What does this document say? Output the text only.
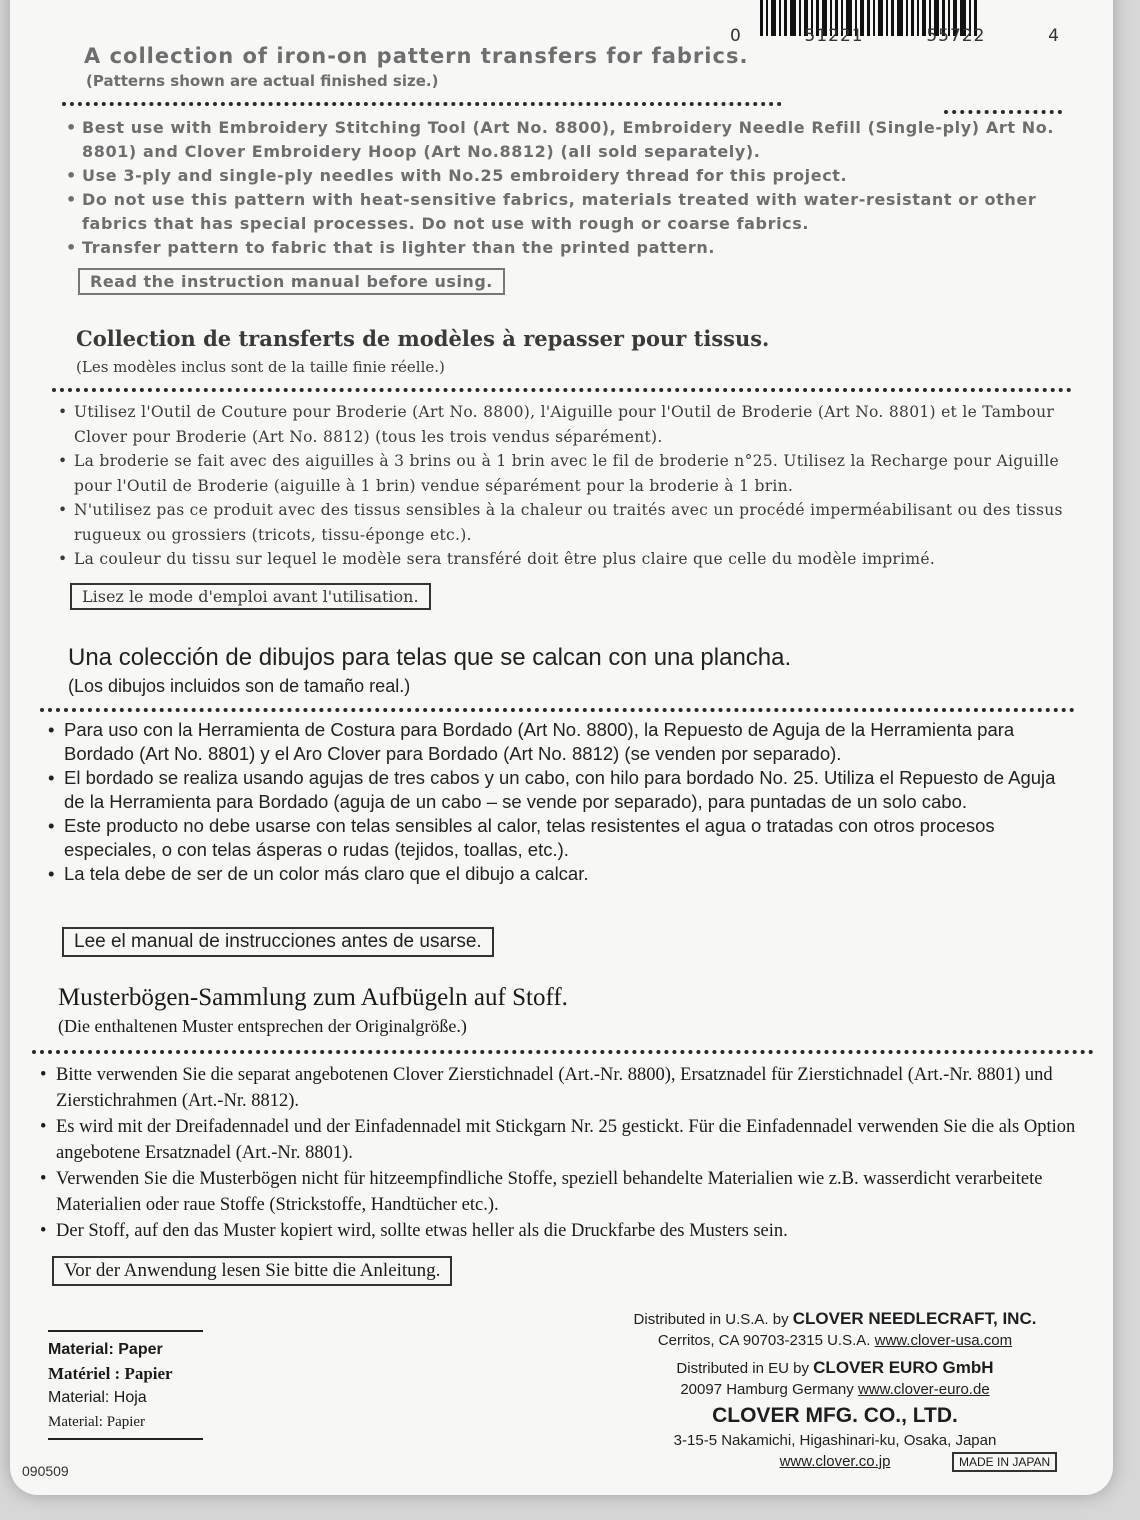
0	51221	55722	4
A collection of iron-on pattern transfers for fabrics.
(Patterns shown are actual finished size.)
• Best use with Embroidery Stitching Tool (Art No. 8800), Embroidery Needle Refill (Single-ply) Art No. 8801) and Clover Embroidery Hoop (Art No.8812) (all sold separately).
• Use 3-ply and single-ply needles with No.25 embroidery thread for this project.
• Do not use this pattern with heat-sensitive fabrics, materials treated with water-resistant or other fabrics that has special processes. Do not use with rough or coarse fabrics.
• Transfer pattern to fabric that is lighter than the printed pattern.
Read the instruction manual before using.
Collection de transferts de modèles à repasser pour tissus.
(Les modèles inclus sont de la taille finie réelle.)
• Utilisez l'Outil de Couture pour Broderie (Art No. 8800), l'Aiguille pour l'Outil de Broderie (Art No. 8801) et le Tambour Clover pour Broderie (Art No. 8812) (tous les trois vendus séparément).
• La broderie se fait avec des aiguilles à 3 brins ou à 1 brin avec le fil de broderie n°25. Utilisez la Recharge pour Aiguille pour l'Outil de Broderie (aiguille à 1 brin) vendue séparément pour la broderie à 1 brin.
• N'utilisez pas ce produit avec des tissus sensibles à la chaleur ou traités avec un procédé imperméabilisant ou des tissus rugueux ou grossiers (tricots, tissu-éponge etc.).
• La couleur du tissu sur lequel le modèle sera transféré doit être plus claire que celle du modèle imprimé.
Lisez le mode d'emploi avant l'utilisation.
Una colección de dibujos para telas que se calcan con una plancha.
(Los dibujos incluidos son de tamaño real.)
• Para uso con la Herramienta de Costura para Bordado (Art No. 8800), la Repuesto de Aguja de la Herramienta para Bordado (Art No. 8801) y el Aro Clover para Bordado (Art No. 8812) (se venden por separado).
• El bordado se realiza usando agujas de tres cabos y un cabo, con hilo para bordado No. 25. Utiliza el Repuesto de Aguja de la Herramienta para Bordado (aguja de un cabo – se vende por separado), para puntadas de un solo cabo.
• Este producto no debe usarse con telas sensibles al calor, telas resistentes el agua o tratadas con otros procesos especiales, o con telas ásperas o rudas (tejidos, toallas, etc.).
• La tela debe de ser de un color más claro que el dibujo a calcar.
Lee el manual de instrucciones antes de usarse.
Musterbögen-Sammlung zum Aufbügeln auf Stoff.
(Die enthaltenen Muster entsprechen der Originalgröße.)
• Bitte verwenden Sie die separat angebotenen Clover Zierstichnadel (Art.-Nr. 8800), Ersatznadel für Zierstichnadel (Art.-Nr. 8801) und Zierstichrahmen (Art.-Nr. 8812).
• Es wird mit der Dreifadennadel und der Einfadennadel mit Stickgarn Nr. 25 gestickt. Für die Einfadennadel verwenden Sie die als Option angebotene Ersatznadel (Art.-Nr. 8801).
• Verwenden Sie die Musterbögen nicht für hitzeempfindliche Stoffe, speziell behandelte Materialien wie z.B. wasserdicht verarbeitete Materialien oder raue Stoffe (Strickstoffe, Handtücher etc.).
• Der Stoff, auf den das Muster kopiert wird, sollte etwas heller als die Druckfarbe des Musters sein.
Vor der Anwendung lesen Sie bitte die Anleitung.
Material: Paper
Matériel : Papier
Material: Hoja
Material: Papier
090509
Distributed in U.S.A. by CLOVER NEEDLECRAFT, INC.
Cerritos, CA 90703-2315 U.S.A. www.clover-usa.com
Distributed in EU by CLOVER EURO GmbH
20097 Hamburg Germany www.clover-euro.de
CLOVER MFG. CO., LTD.
3-15-5 Nakamichi, Higashinari-ku, Osaka, Japan
www.clover.co.jp	MADE IN JAPAN
